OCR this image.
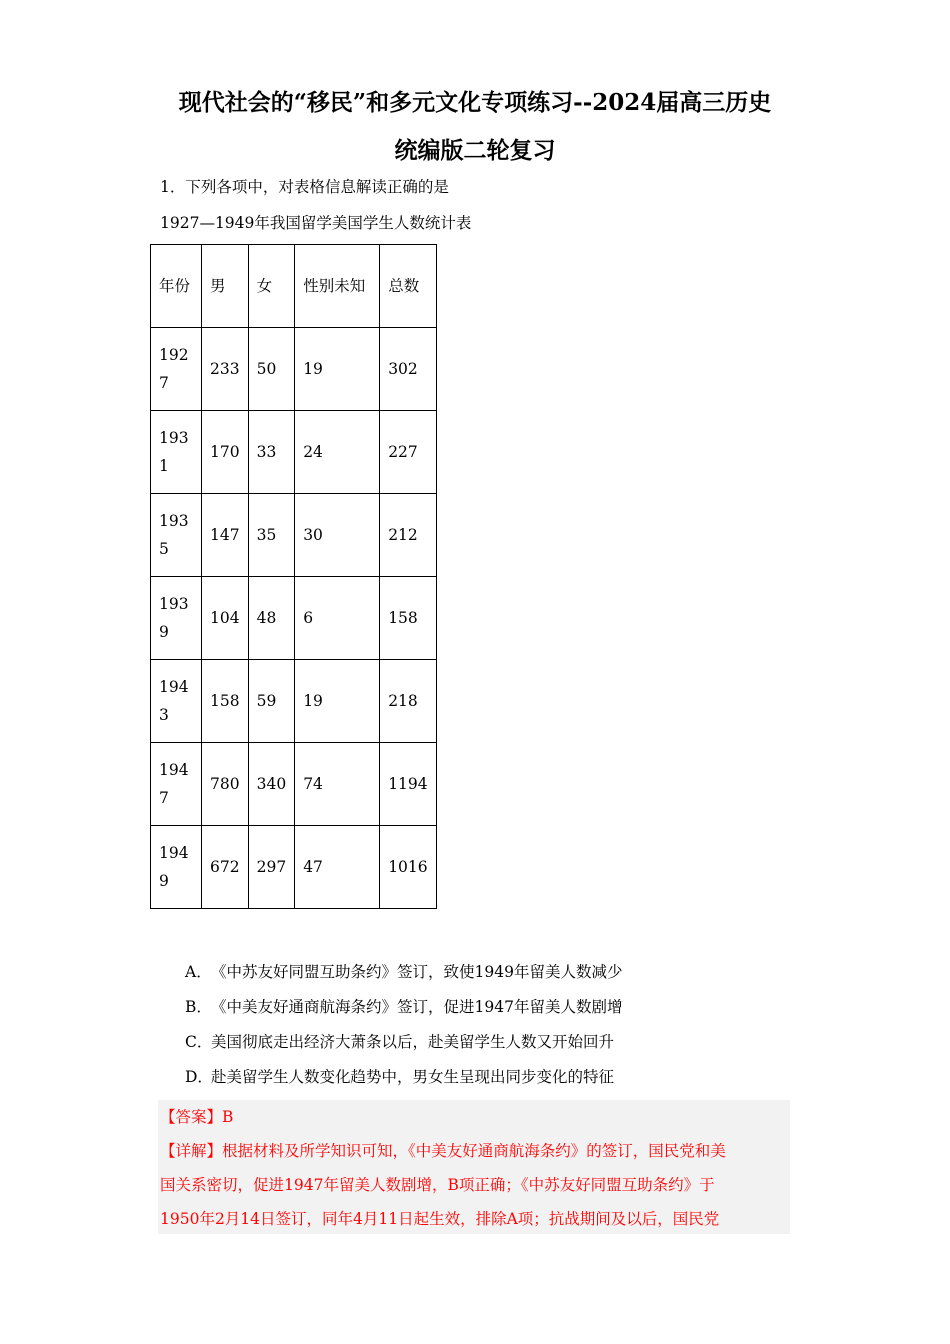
现代社会的“移民”和多元文化专项练习--2024届高三历史
统编版二轮复习

1．下列各项中，对表格信息解读正确的是

1927—1949年我国留学美国学生人数统计表

年份	男	女	性别未知	总数
1927	233	50	19	302
1931	170	33	24	227
1935	147	35	30	212
1939	104	48	6	158
1943	158	59	19	218
1947	780	340	74	1194
1949	672	297	47	1016
A．《中苏友好同盟互助条约》签订，致使1949年留美人数减少
B．《中美友好通商航海条约》签订，促进1947年留美人数剧增
C．美国彻底走出经济大萧条以后，赴美留学生人数又开始回升
D．赴美留学生人数变化趋势中，男女生呈现出同步变化的特征

【答案】B

【详解】根据材料及所学知识可知，《中美友好通商航海条约》的签订，国民党和美

国关系密切，促进1947年留美人数剧增，B项正确；《中苏友好同盟互助条约》于

1950年2月14日签订，同年4月11日起生效，排除A项；抗战期间及以后，国民党
